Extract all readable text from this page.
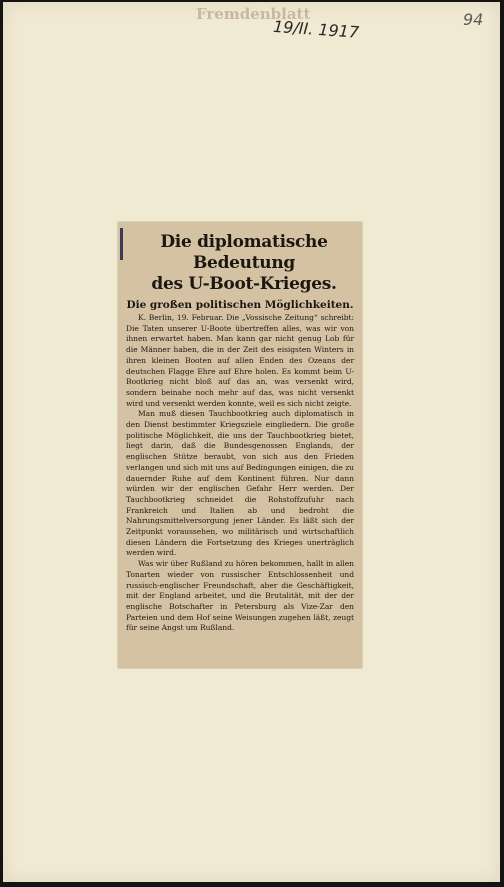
Fremdenblatt
19/II. 1917	94
Die diplomatische Bedeutung
des U-Boot-Krieges.
Die großen politischen Möglichkeiten.

K. Berlin, 19. Februar. Die „Vossische Zeitung“ schreibt: Die Taten unserer U-Boote übertreffen alles, was wir von ihnen erwartet haben. Man kann gar nicht genug Lob für die Männer haben, die in der Zeit des eisigsten Winters in ihren kleinen Booten auf allen Enden des Ozeans der deutschen Flagge Ehre auf Ehre holen. Es kommt beim U-Bootkrieg nicht bloß auf das an, was versenkt wird, sondern beinahe noch mehr auf das, was nicht versenkt wird und versenkt werden konnte, weil es sich nicht zeigte.

Man muß diesen Tauchbootkrieg auch diplomatisch in den Dienst bestimmter Kriegsziele eingliedern. Die große politische Möglichkeit, die uns der Tauchbootkrieg bietet, liegt darin, daß die Bundesgenossen Englands, der englischen Stütze beraubt, von sich aus den Frieden verlangen und sich mit uns auf Bedingungen einigen, die zu dauernder Ruhe auf dem Kontinent führen. Nur dann würden wir der englischen Gefahr Herr werden. Der Tauchbootkrieg schneidet die Rohstoffzufuhr nach Frankreich und Italien ab und bedroht die Nahrungsmittelversorgung jener Länder. Es läßt sich der Zeitpunkt voraussehen, wo militärisch und wirtschaftlich diesen Ländern die Fortsetzung des Krieges unerträglich werden wird.

Was wir über Rußland zu hören bekommen, hallt in allen Tonarten wieder von russischer Entschlossenheit und russisch-englischer Freundschaft, aber die Geschäftigkeit, mit der England arbeitet, und die Brutalität, mit der der englische Botschafter in Petersburg als Vize-Zar den Parteien und dem Hof seine Weisungen zugehen läßt, zeugt für seine Angst um Rußland.
